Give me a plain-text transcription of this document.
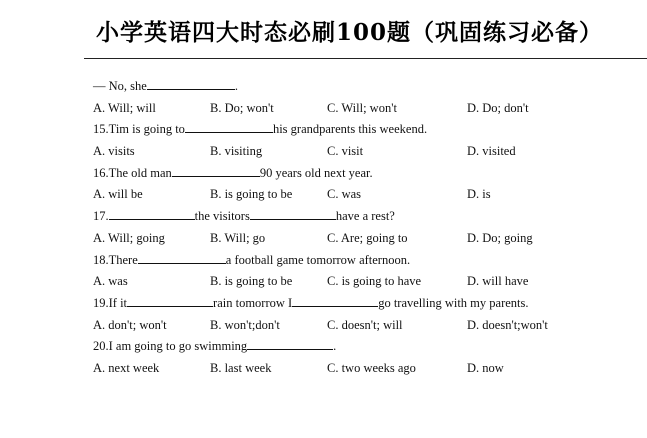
小学英语四大时态必刷100题（巩固练习必备）
— No, she	.
A. Will; will	B. Do; won't	C. Will; won't	D. Do; don't
15.Tim is going to	his grandparents this weekend.
A. visits	B. visiting	C. visit	D. visited
16.The old man	90 years old next year.
A. will be	B. is going to be	C. was	D. is
17.	the visitors	have a rest?
A. Will; going	B. Will; go	C. Are; going to	D. Do; going
18.There	a football game tomorrow afternoon.
A. was	B. is going to be	C. is going to have	D. will have
19.If it	rain tomorrow I	go travelling with my parents.
A. don't; won't	B. won't;don't	C. doesn't; will	D. doesn't;won't
20.I am going to go swimming	.
A. next week	B. last week	C. two weeks ago	D. now
